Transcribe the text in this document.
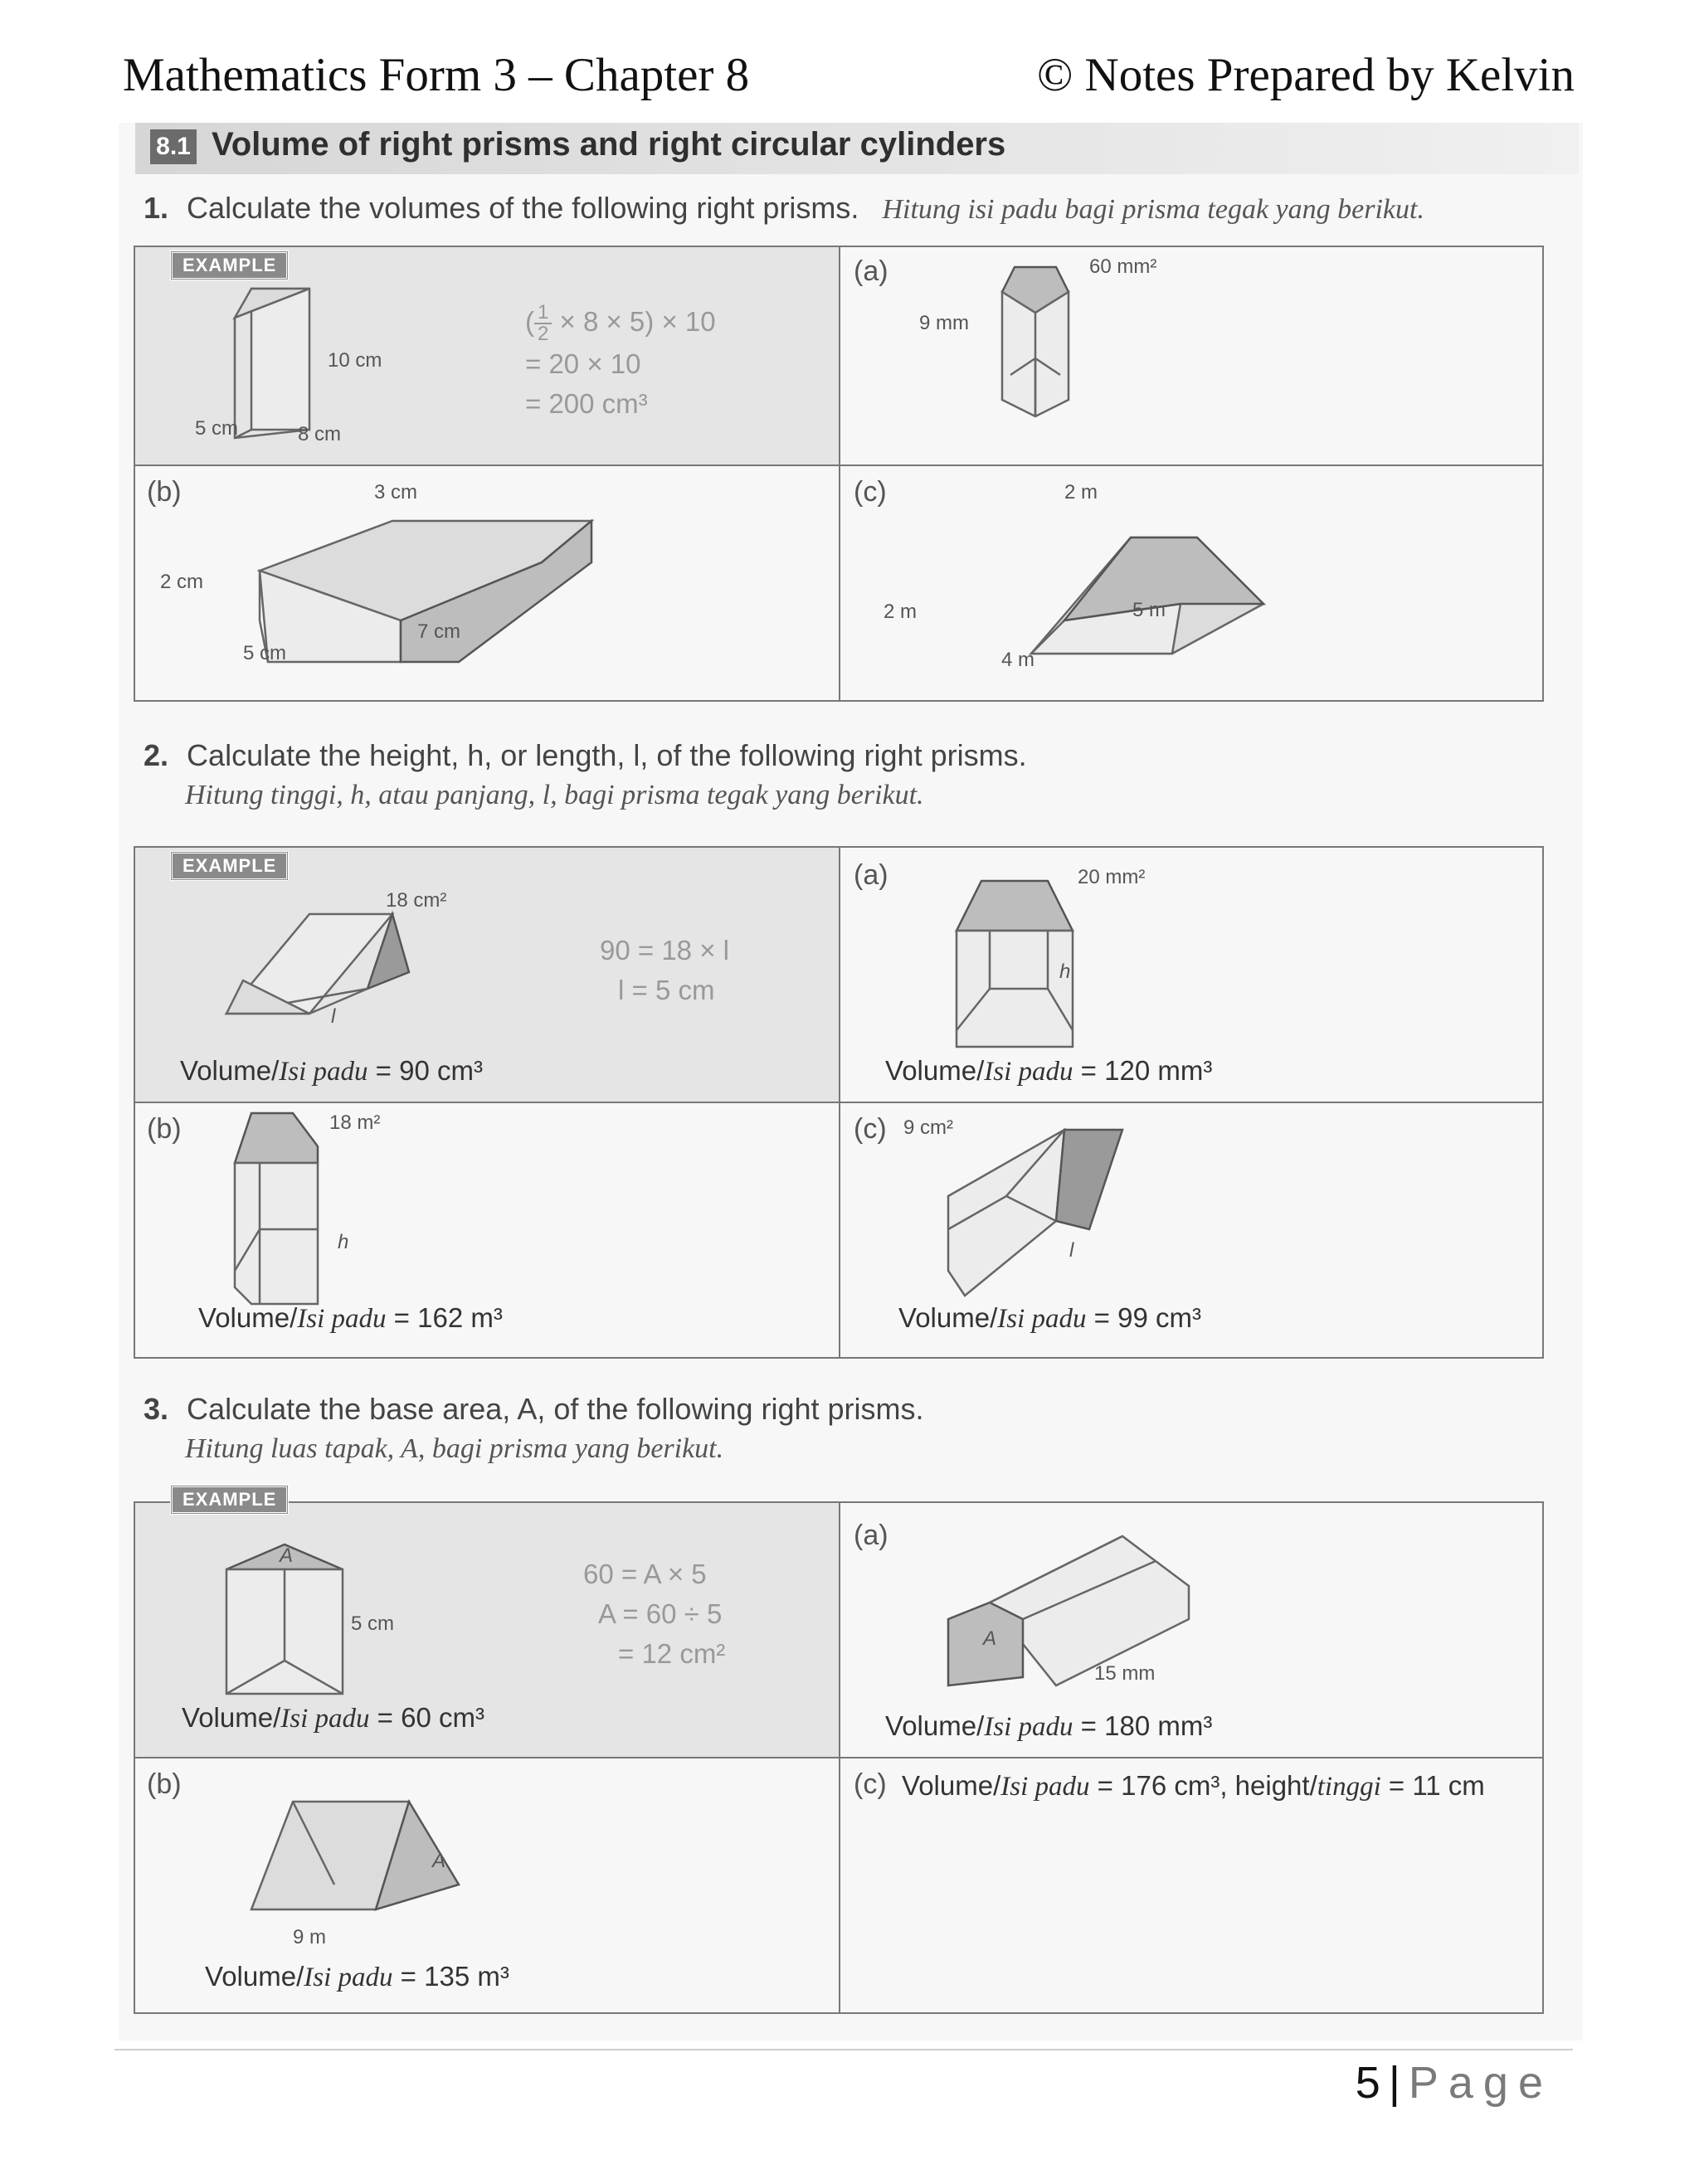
Mathematics Form 3 – Chapter 8	© Notes Prepared by Kelvin
8.1 Volume of right prisms and right circular cylinders
1. Calculate the volumes of the following right prisms. Hitung isi padu bagi prisma tegak yang berikut.
EXAMPLE
10 cm
5 cm	8 cm
$(\frac{1}{2} \times 8 \times 5) \times 10$
= 20 × 10
= 200 cm³
(a)	60 mm²
9 mm
(b)	3 cm
2 cm
5 cm
7 cm
(c)	2 m
2 m
4 m
5 m
2. Calculate the height, h, or length, l, of the following right prisms.
Hitung tinggi, h, atau panjang, l, bagi prisma tegak yang berikut.
EXAMPLE
18 cm²
l
90 = 18 × l
l = 5 cm
Volume/Isi padu = 90 cm³
(a)	20 mm²
h
Volume/Isi padu = 120 mm³
(b)	18 m²
h
Volume/Isi padu = 162 m³
(c) 9 cm²
l
Volume/Isi padu = 99 cm³
3. Calculate the base area, A, of the following right prisms.
Hitung luas tapak, A, bagi prisma yang berikut.
EXAMPLE
A
5 cm
60 = A × 5
A = 60 ÷ 5
= 12 cm²
Volume/Isi padu = 60 cm³
(a)
A
15 mm
Volume/Isi padu = 180 mm³
(b)
A
9 m
Volume/Isi padu = 135 m³
(c) Volume/Isi padu = 176 cm³, height/tinggi = 11 cm
5 | Page
